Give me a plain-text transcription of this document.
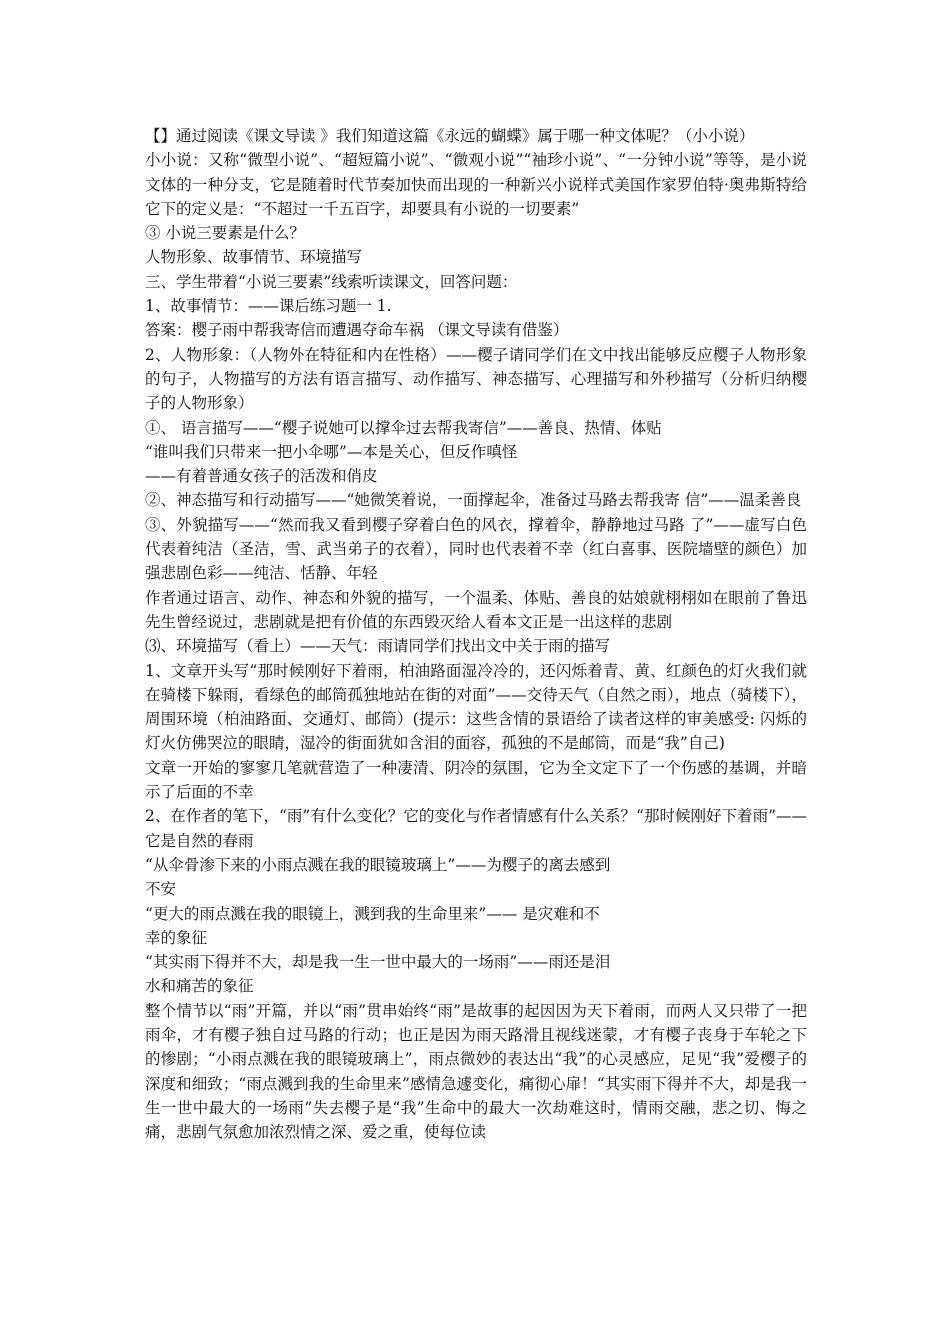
【】通过阅读《课文导读 》我们知道这篇《永远的蝴蝶》属于哪一种文体呢？（小小说）

小小说：又称“微型小说”、“超短篇小说”、“微观小说”“袖珍小说”、“一分钟小说”等等，是小说文体的一种分支，它是随着时代节奏加快而出现的一种新兴小说样式美国作家罗伯特·奥弗斯特给它下的定义是：“不超过一千五百字，却要具有小说的一切要素”

③ 小说三要素是什么？

人物形象、故事情节、环境描写

三、学生带着“小说三要素”线索听读课文，回答问题：

1、故事情节：——课后练习题一 1.

答案：樱子雨中帮我寄信而遭遇夺命车祸 （课文导读有借鉴）

2、人物形象：（人物外在特征和内在性格）——樱子请同学们在文中找出能够反应樱子人物形象的句子，人物描写的方法有语言描写、动作描写、神态描写、心理描写和外秒描写（分析归纳樱子的人物形象）

①、 语言描写——“樱子说她可以撑伞过去帮我寄信”——善良、热情、体贴

“谁叫我们只带来一把小伞哪”—本是关心，但反作嗔怪

——有着普通女孩子的活泼和俏皮

②、神态描写和行动描写——“她微笑着说，一面撑起伞，准备过马路去帮我寄 信”——温柔善良

③、外貌描写——“然而我又看到樱子穿着白色的风衣，撑着伞，静静地过马路 了”——虚写白色代表着纯洁（圣洁，雪、武当弟子的衣着），同时也代表着不幸（红白喜事、医院墙壁的颜色）加强悲剧色彩——纯洁、恬静、年轻

作者通过语言、动作、神态和外貌的描写，一个温柔、体贴、善良的姑娘就栩栩如在眼前了鲁迅先生曾经说过，悲剧就是把有价值的东西毁灭给人看本文正是一出这样的悲剧

⑶、环境描写（看上）——天气：雨请同学们找出文中关于雨的描写

1、文章开头写“那时候刚好下着雨，柏油路面湿冷冷的，还闪烁着青、黄、红颜色的灯火我们就在骑楼下躲雨，看绿色的邮筒孤独地站在街的对面”——交待天气（自然之雨），地点（骑楼下），周围环境（柏油路面、交通灯、邮筒）(提示：这些含情的景语给了读者这样的审美感受: 闪烁的灯火仿佛哭泣的眼睛，湿冷的街面犹如含泪的面容，孤独的不是邮筒，而是“我”自己)

文章一开始的寥寥几笔就营造了一种凄清、阴冷的氛围，它为全文定下了一个伤感的基调，并暗示了后面的不幸

2、在作者的笔下，“雨”有什么变化？它的变化与作者情感有什么关系？“那时候刚好下着雨”——它是自然的春雨

“从伞骨渗下来的小雨点溅在我的眼镜玻璃上”——为樱子的离去感到

不安

“更大的雨点溅在我的眼镜上，溅到我的生命里来”—— 是灾难和不

幸的象征

“其实雨下得并不大，却是我一生一世中最大的一场雨”——雨还是泪

水和痛苦的象征

整个情节以“雨”开篇，并以“雨”贯串始终“雨”是故事的起因因为天下着雨，而两人又只带了一把雨伞，才有樱子独自过马路的行动；也正是因为雨天路滑且视线迷蒙，才有樱子丧身于车轮之下的惨剧；“小雨点溅在我的眼镜玻璃上”，雨点微妙的表达出“我”的心灵感应，足见“我”爱樱子的深度和细致；“雨点溅到我的生命里来”感情急遽变化，痛彻心扉！“其实雨下得并不大，却是我一生一世中最大的一场雨”失去樱子是“我”生命中的最大一次劫难这时，情雨交融，悲之切、悔之痛，悲剧气氛愈加浓烈情之深、爱之重，使每位读
